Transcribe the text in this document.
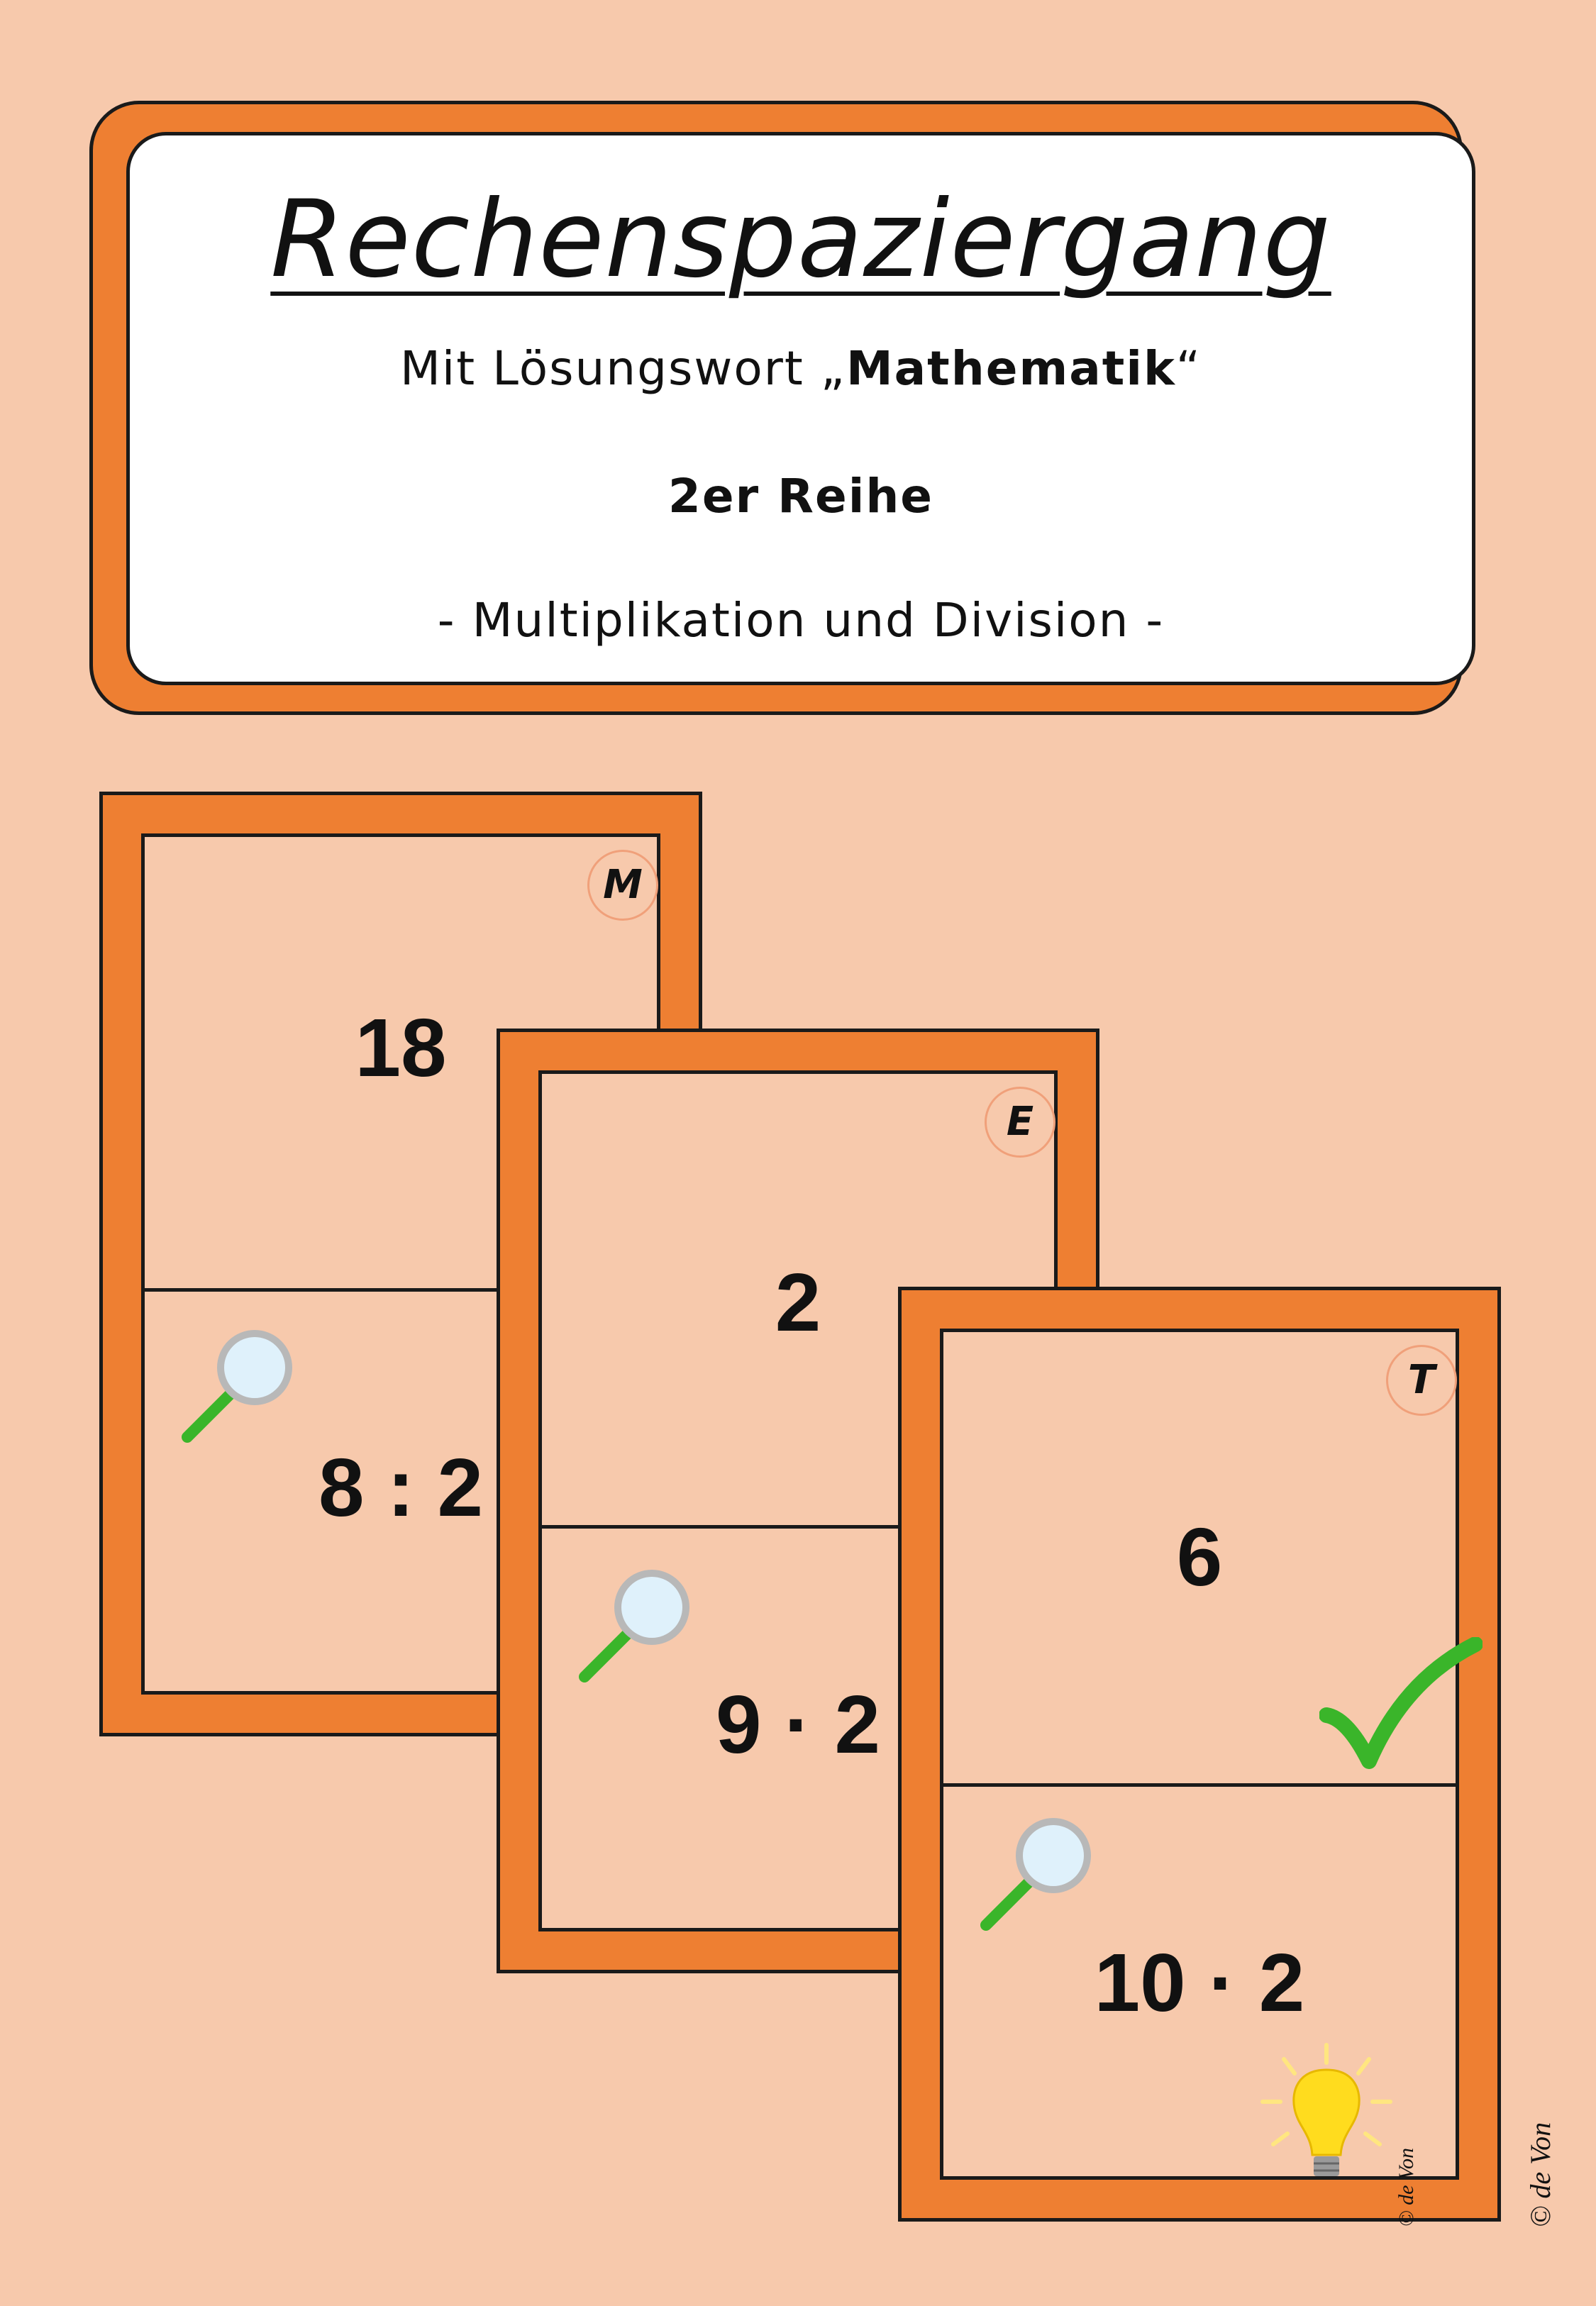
Rechenspaziergang
Mit Lösungswort „Mathematik“
2er Reihe
- Multiplikation und Division -
M
18
8 : 2
E
2
9 · 2
T
6
10 · 2
© de Von	© de Von
